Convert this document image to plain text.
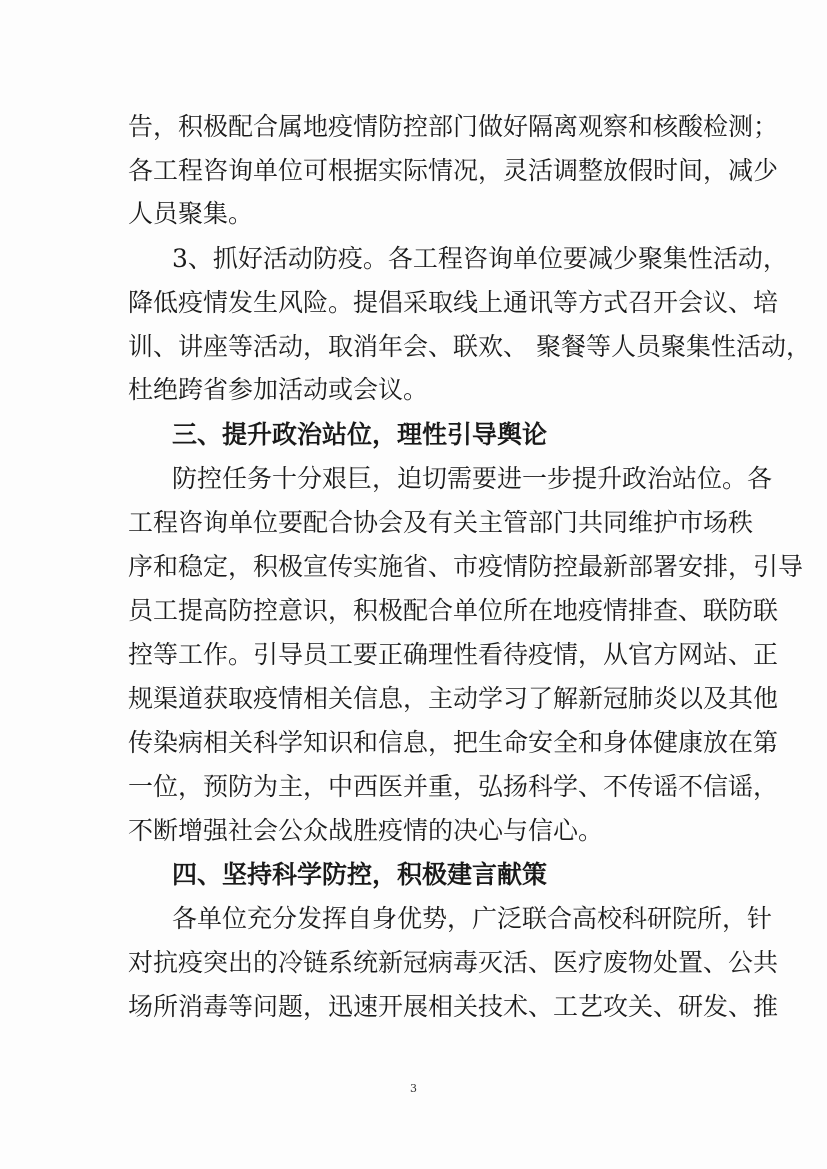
告，积极配合属地疫情防控部门做好隔离观察和核酸检测；
各工程咨询单位可根据实际情况，灵活调整放假时间，减少
人员聚集。
3、抓好活动防疫。各工程咨询单位要减少聚集性活动，
降低疫情发生风险。提倡采取线上通讯等方式召开会议、培
训、讲座等活动，取消年会、联欢、 聚餐等人员聚集性活动，
杜绝跨省参加活动或会议。
三、提升政治站位，理性引导舆论
防控任务十分艰巨，迫切需要进一步提升政治站位。各
工程咨询单位要配合协会及有关主管部门共同维护市场秩
序和稳定，积极宣传实施省、市疫情防控最新部署安排，引导
员工提高防控意识，积极配合单位所在地疫情排查、联防联
控等工作。引导员工要正确理性看待疫情，从官方网站、正
规渠道获取疫情相关信息，主动学习了解新冠肺炎以及其他
传染病相关科学知识和信息，把生命安全和身体健康放在第
一位，预防为主，中西医并重，弘扬科学、不传谣不信谣，
不断增强社会公众战胜疫情的决心与信心。
四、坚持科学防控，积极建言献策
各单位充分发挥自身优势，广泛联合高校科研院所，针
对抗疫突出的冷链系统新冠病毒灭活、医疗废物处置、公共
场所消毒等问题，迅速开展相关技术、工艺攻关、研发、推
3
